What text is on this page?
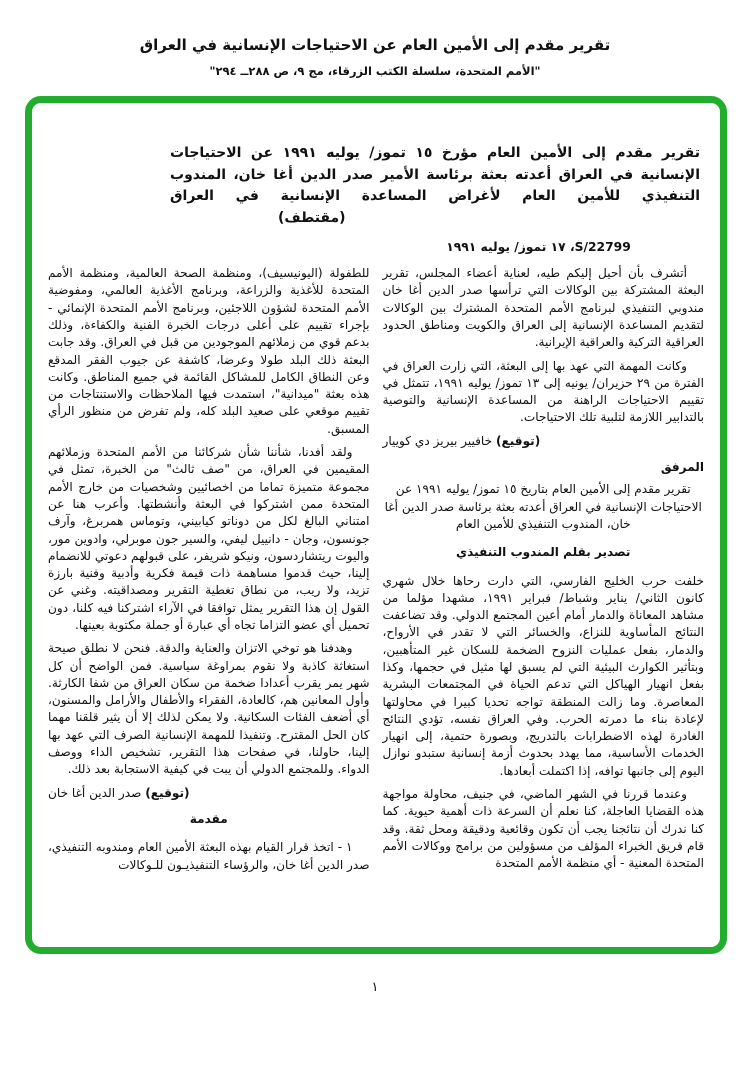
تقرير مقدم إلى الأمين العام عن الاحتياجات الإنسانية في العراق
"الأمم المتحدة، سلسلة الكتب الزرقاء، مج ٩، ص ٢٨٨ــ ٢٩٤"
تقرير مقدم إلى الأمين العام مؤرخ ١٥ تموز/ يوليه ١٩٩١ عن الاحتياجات الإنسانية في العراق أعدته بعثة برئاسة الأمير صدر الدين أغا خان، المندوب التنفيذي للأمين العام لأغراض المساعدة الإنسانية في العراق
(مقتطف)
S/22799، ١٧ تموز/ يوليه ١٩٩١

أتشرف بأن أحيل إليكم طيه، لعناية أعضاء المجلس، تقرير البعثة المشتركة بين الوكالات التي ترأسها صدر الدين أغا خان مندوبي التنفيذي لبرنامج الأمم المتحدة المشترك بين الوكالات لتقديم المساعدة الإنسانية إلى العراق والكويت ومناطق الحدود العراقية التركية والعراقية الإيرانية.

وكانت المهمة التي عهد بها إلى البعثة، التي زارت العراق في الفترة من ٢٩ حزيران/ يونيه إلى ١٣ تموز/ يوليه ١٩٩١، تتمثل في تقييم الاحتياجات الراهنة من المساعدة الإنسانية والتوصية بالتدابير اللازمة لتلبية تلك الاحتياجات.

(توقيع) خافيير بيريز دي كوييار
المرفق
تقرير مقدم إلى الأمين العام بتاريخ ١٥ تموز/ يوليه ١٩٩١ عن الاحتياجات الإنسانية في العراق أعدته بعثة برئاسة صدر الدين أغا خان، المندوب التنفيذي للأمين العام
تصدير بقلم المندوب التنفيذي

خلفت حرب الخليج الفارسي، التي دارت رحاها خلال شهري كانون الثاني/ يناير وشباط/ فبراير ١٩٩١، مشهدا مؤلما من مشاهد المعاناة والدمار أمام أعين المجتمع الدولي. وقد تضاعفت النتائج المأساوية للنزاع، والخسائر التي لا تقدر في الأرواح، والدمار، بفعل عمليات النزوح الضخمة للسكان غير المتأهبين، وبتأثير الكوارث البيئية التي لم يسبق لها مثيل في حجمها، وكذا بفعل انهيار الهياكل التي تدعم الحياة في المجتمعات البشرية المعاصرة. وما زالت المنطقة تواجه تحديا كبيرا في محاولتها لإعادة بناء ما دمرته الحرب. وفي العراق نفسه، تؤدي النتائج الغادرة لهذه الاضطرابات بالتدريج، وبصورة حتمية، إلى انهيار الخدمات الأساسية، مما يهدد بحدوث أزمة إنسانية ستبدو نوازل اليوم إلى جانبها توافه، إذا اكتملت أبعادها.

وعندما قررنا في الشهر الماضي، في جنيف، محاولة مواجهة هذه القضايا العاجلة، كنا نعلم أن السرعة ذات أهمية حيوية. كما كنا ندرك أن نتائجنا يجب أن تكون وقائعية ودقيقة ومحل ثقة. وقد قام فريق الخبراء المؤلف من مسؤولين من برامج ووكالات الأمم المتحدة المعنية - أي منظمة الأمم المتحدة

للطفولة (اليونيسيف)، ومنظمة الصحة العالمية، ومنظمة الأمم المتحدة للأغذية والزراعة، وبرنامج الأغذية العالمي، ومفوضية الأمم المتحدة لشؤون اللاجئين، وبرنامج الأمم المتحدة الإنمائي - بإجراء تقييم على أعلى درجات الخبرة الفنية والكفاءة، وذلك بدعم قوي من زملائهم الموجودين من قبل في العراق. وقد جابت البعثة ذلك البلد طولا وعرضا، كاشفة عن جيوب الفقر المدقع وعن النطاق الكامل للمشاكل القائمة في جميع المناطق. وكانت هذه بعثة "ميدانية"، استمدت فيها الملاحظات والاستنتاجات من تقييم موقعي على صعيد البلد كله، ولم تفرض من منظور الرأي المسبق.

ولقد أفدنا، شأننا شأن شركائنا من الأمم المتحدة وزملائهم المقيمين في العراق، من "صف ثالث" من الخبرة، تمثل في مجموعة متميزة تماما من اخصائيين وشخصيات من خارج الأمم المتحدة ممن اشتركوا في البعثة وأنشطتها. وأعرب هنا عن امتناني البالغ لكل من دوناتو كيابيني، وتوماس همربرغ، وآرف جونسون، وجان - دانييل ليفي، والسير جون موبرلي، وادوين مور، واليوت ريتشاردسون، ونيكو شريفر، على قبولهم دعوتي للانضمام إلينا، حيث قدموا مساهمة ذات قيمة فكرية وأدبية وفنية بارزة تزيد، ولا ريب، من نطاق تغطية التقرير ومصداقيته. وغني عن القول إن هذا التقرير يمثل توافقا في الآراء اشتركنا فيه كلنا، دون تحميل أي عضو التزاما تجاه أي عبارة أو جملة مكتوبة بعينها.

وهدفنا هو توخي الاتزان والعناية والدقة. فنحن لا نطلق صيحة استغاثة كاذبة ولا نقوم بمراوغة سياسية. فمن الواضح أن كل شهر يمر يقرب أعدادا ضخمة من سكان العراق من شفا الكارثة. وأول المعانين هم، كالعادة، الفقراء والأطفال والأرامل والمسنون، أي أضعف الفئات السكانية. ولا يمكن لذلك إلا أن يثير قلقنا مهما كان الحل المقترح. وتنفيذا للمهمة الإنسانية الصرف التي عهد بها إلينا، حاولنا، في صفحات هذا التقرير، تشخيص الداء ووصف الدواء. وللمجتمع الدولي أن يبت في كيفية الاستجابة بعد ذلك.

(توقيع) صدر الدين أغا خان
مقدمة

١ - اتخذ قرار القيام بهذه البعثة الأمين العام ومندوبه التنفيذي، صدر الدين أغا خان، والرؤساء التنفيذيـون للـوكالات

١
